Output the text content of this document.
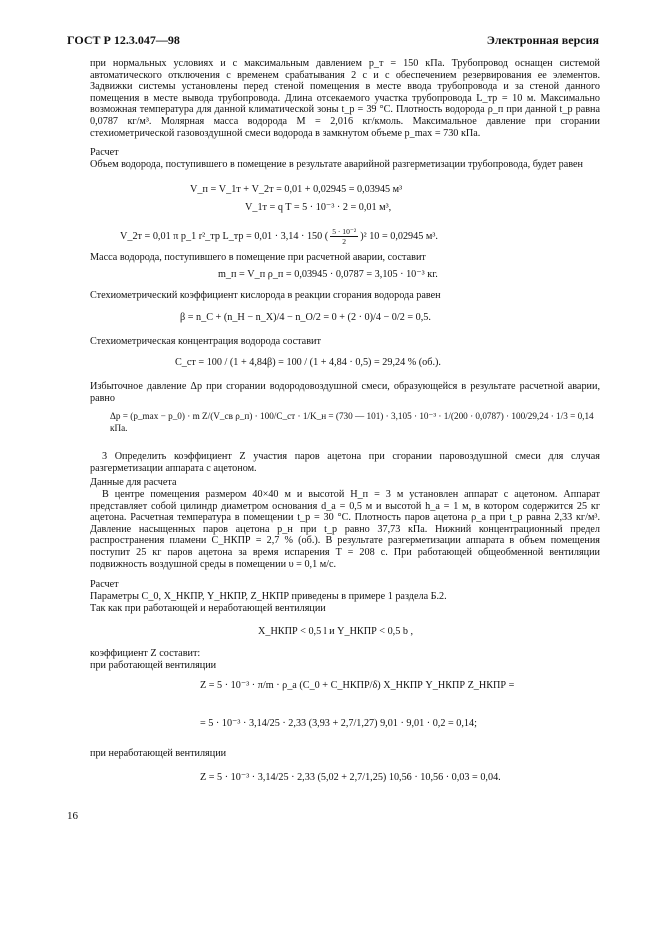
ГОСТ Р 12.3.047—98	Электронная версия
при нормальных условиях и с максимальным давлением p_т = 150 кПа. Трубопровод оснащен системой автоматического отключения с временем срабатывания 2 с и с обеспечением резервирования ее элементов. Задвижки системы установлены перед стеной помещения в месте ввода трубопровода и за стеной данного помещения в месте вывода трубопровода. Длина отсекаемого участка трубопровода L_тр = 10 м. Максимально возможная температура для данной климатической зоны t_р = 39 °С. Плотность водорода ρ_п при данной t_р равна 0,0787 кг/м³. Молярная масса водорода M = 2,016 кг/кмоль. Максимальное давление при сгорании стехиометрической газовоздушной смеси водорода в замкнутом объеме p_max = 730 кПа.
Расчет
Объем водорода, поступившего в помещение в результате аварийной разгерметизации трубопровода, будет равен
V_п = V_1т + V_2т = 0,01 + 0,02945 = 0,03945 м³
V_1т = q T = 5 · 10⁻³ · 2 = 0,01 м³,
V_2т = 0,01 π p_1 r²_тр L_тр = 0,01 · 3,14 · 150 ( $\frac{\text{5 · 10⁻²}}{2} )^2$ 10 = 0,02945 м³.
Масса водорода, поступившего в помещение при расчетной аварии, составит
m_п = V_п ρ_п = 0,03945 · 0,0787 = 3,105 · 10⁻³ кг.
Стехиометрический коэффициент кислорода в реакции сгорания водорода равен
β = n_С + (n_Н − n_Х)/4 − n_О/2 = 0 + (2 · 0)/4 − 0/2 = 0,5.
Стехиометрическая концентрация водорода составит
C_ст = 100 / (1 + 4,84β) = 100 / (1 + 4,84 · 0,5) = 29,24 % (об.).
Избыточное давление Δp при сгорании водородовоздушной смеси, образующейся в результате расчетной аварии, равно
Δp = (p_max − p_0) · m Z/(V_св ρ_п) · 100/C_ст · 1/K_н = (730 — 101) · 3,105 · 10⁻³ · 1/(200 · 0,0787) · 100/29,24 · 1/3 = 0,14 кПа.
3 Определить коэффициент Z участия паров ацетона при сгорании паровоздушной смеси для случая разгерметизации аппарата с ацетоном.
Данные для расчета
В центре помещения размером 40×40 м и высотой H_п = 3 м установлен аппарат с ацетоном. Аппарат представляет собой цилиндр диаметром основания d_а = 0,5 м и высотой h_а = 1 м, в котором содержится 25 кг ацетона. Расчетная температура в помещении t_р = 30 °С. Плотность паров ацетона ρ_а при t_р равна 2,33 кг/м³. Давление насыщенных паров ацетона p_н при t_р равно 37,73 кПа. Нижний концентрационный предел распространения пламени C_НКПР = 2,7 % (об.). В результате разгерметизации аппарата в объем помещения поступит 25 кг паров ацетона за время испарения T = 208 с. При работающей общеобменной вентиляции подвижность воздушной среды в помещении υ = 0,1 м/с.
Расчет
Параметры C_0, X_НКПР, Y_НКПР, Z_НКПР приведены в примере 1 раздела Б.2.
Так как при работающей и неработающей вентиляции
X_НКПР < 0,5 l и Y_НКПР < 0,5 b ,
коэффициент Z составит:
при работающей вентиляции
Z = 5 · 10⁻³ · π/m · ρ_а (C_0 + C_НКПР/δ) X_НКПР Y_НКПР Z_НКПР =
= 5 · 10⁻³ · 3,14/25 · 2,33 (3,93 + 2,7/1,27) 9,01 · 9,01 · 0,2 = 0,14;
при неработающей вентиляции
Z = 5 · 10⁻³ · 3,14/25 · 2,33 (5,02 + 2,7/1,25) 10,56 · 10,56 · 0,03 = 0,04.
16
